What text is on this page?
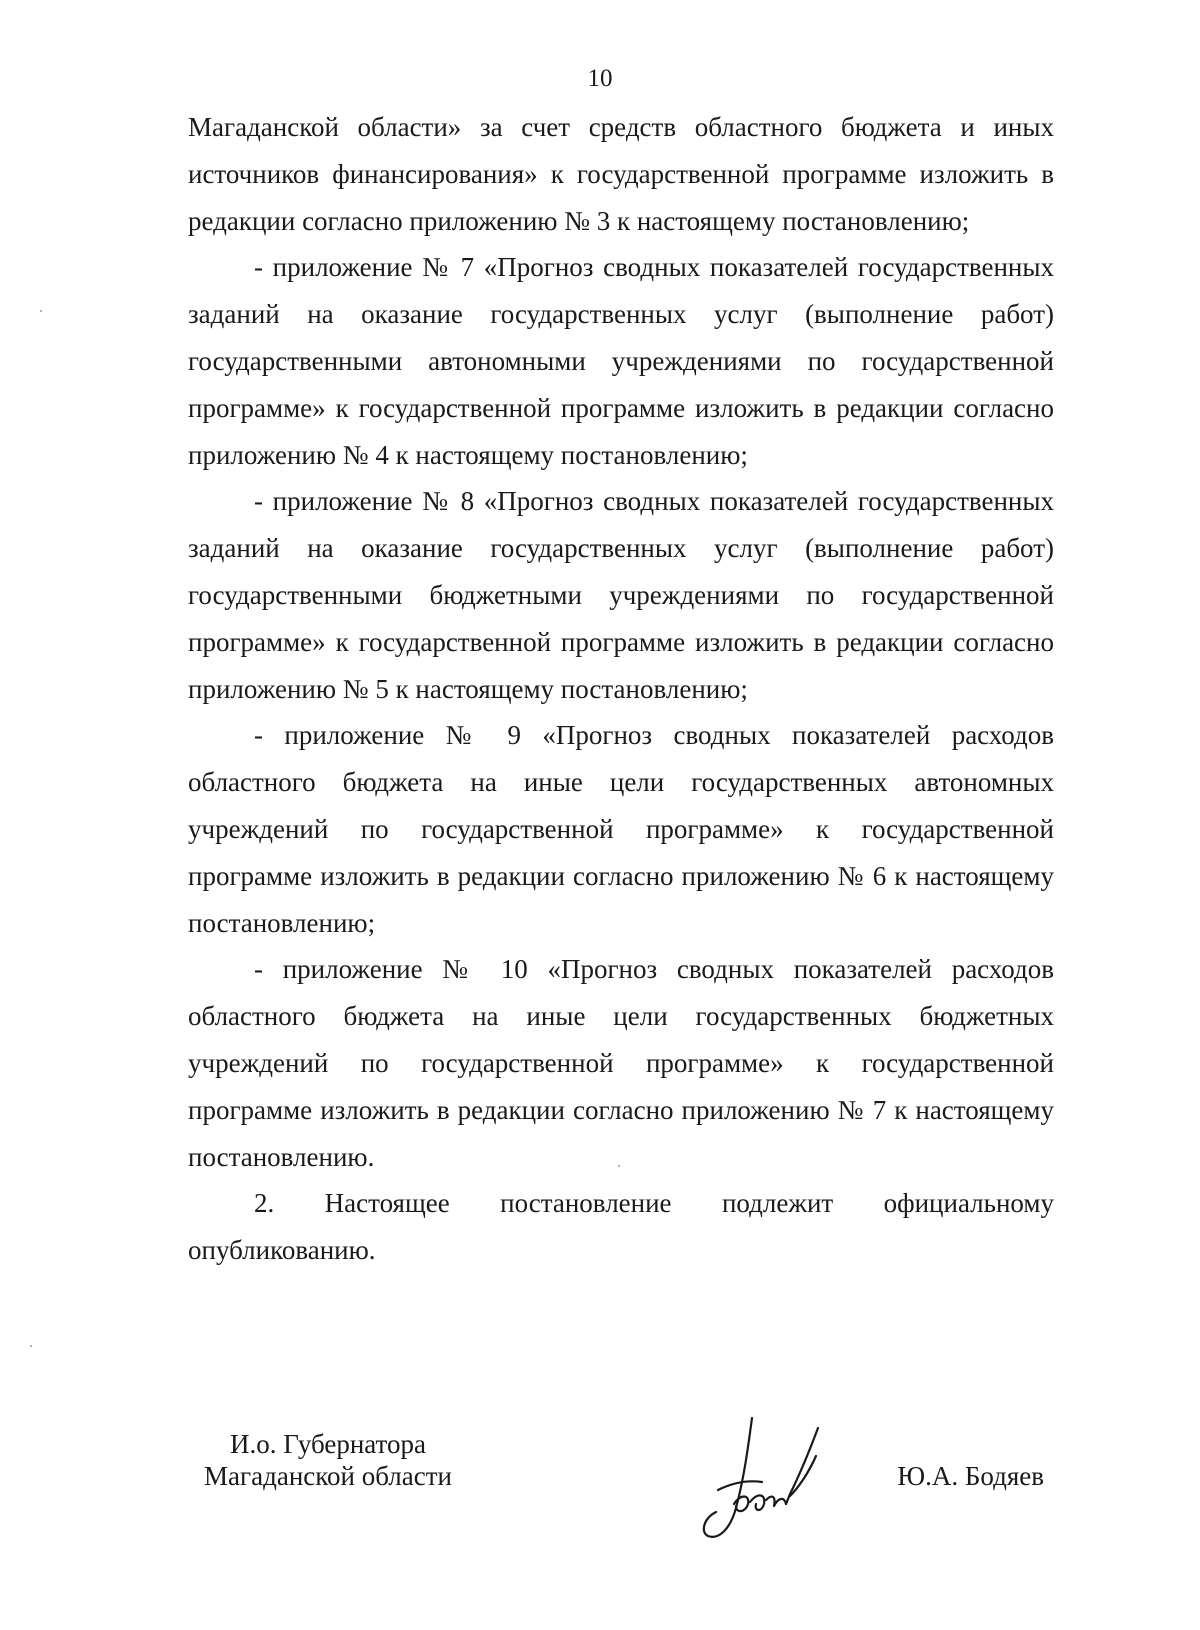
10

Магаданской области» за счет средств областного бюджета и иных источников финансирования» к государственной программе изложить в редакции согласно приложению № 3 к настоящему постановлению;

- приложение № 7 «Прогноз сводных показателей государственных заданий на оказание государственных услуг (выполнение работ) государственными автономными учреждениями по государственной программе» к государственной программе изложить в редакции согласно приложению № 4 к настоящему постановлению;

- приложение № 8 «Прогноз сводных показателей государственных заданий на оказание государственных услуг (выполнение работ) государственными бюджетными учреждениями по государственной программе» к государственной программе изложить в редакции согласно приложению № 5 к настоящему постановлению;

- приложение № 9 «Прогноз сводных показателей расходов областного бюджета на иные цели государственных автономных учреждений по государственной программе» к государственной программе изложить в редакции согласно приложению № 6 к настоящему постановлению;

- приложение № 10 «Прогноз сводных показателей расходов областного бюджета на иные цели государственных бюджетных учреждений по государственной программе» к государственной программе изложить в редакции согласно приложению № 7 к настоящему постановлению.

2. Настоящее постановление подлежит официальному опубликованию.

И.о. Губернатора
Магаданской области	Ю.А. Бодяев
